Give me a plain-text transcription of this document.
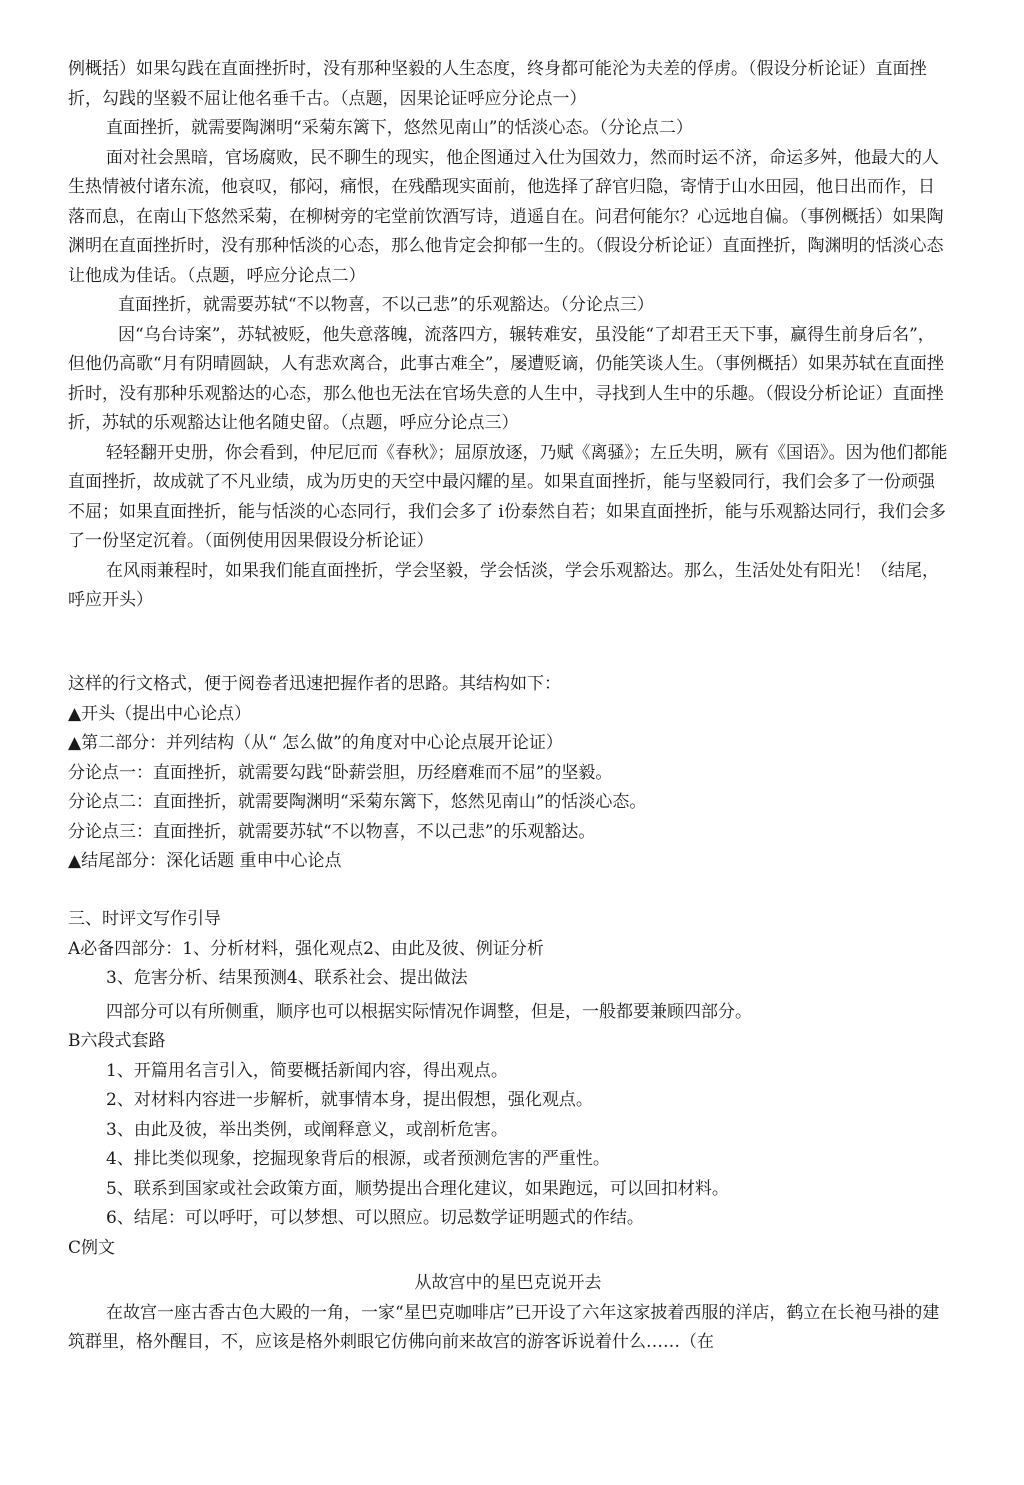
例概括）如果勾践在直面挫折时，没有那种坚毅的人生态度，终身都可能沦为夫差的俘虏。（假设分析论证）直面挫折，勾践的坚毅不屈让他名垂千古。（点题，因果论证呼应分论点一）

直面挫折，就需要陶渊明“采菊东篱下，悠然见南山”的恬淡心态。（分论点二）

面对社会黑暗，官场腐败，民不聊生的现实，他企图通过入仕为国效力，然而时运不济，命运多舛，他最大的人生热情被付诸东流，他哀叹，郁闷，痛恨，在残酷现实面前，他选择了辞官归隐，寄情于山水田园，他日出而作，日落而息，在南山下悠然采菊，在柳树旁的宅堂前饮酒写诗，逍遥自在。问君何能尔？心远地自偏。（事例概括）如果陶渊明在直面挫折时，没有那种恬淡的心态，那么他肯定会抑郁一生的。（假设分析论证）直面挫折，陶渊明的恬淡心态让他成为佳话。（点题，呼应分论点二）

直面挫折，就需要苏轼“不以物喜，不以己悲”的乐观豁达。（分论点三）

因“乌台诗案”，苏轼被贬，他失意落魄，流落四方，辗转难安，虽没能“了却君王天下事，赢得生前身后名”，但他仍高歌“月有阴晴圆缺，人有悲欢离合，此事古难全”，屡遭贬谪，仍能笑谈人生。（事例概括）如果苏轼在直面挫折时，没有那种乐观豁达的心态，那么他也无法在官场失意的人生中，寻找到人生中的乐趣。（假设分析论证）直面挫折，苏轼的乐观豁达让他名随史留。（点题，呼应分论点三）

轻轻翻开史册，你会看到，仲尼厄而《春秋》；屈原放逐，乃赋《离骚》；左丘失明，厥有《国语》。因为他们都能直面挫折，故成就了不凡业绩，成为历史的天空中最闪耀的星。如果直面挫折，能与坚毅同行，我们会多了一份顽强不屈；如果直面挫折，能与恬淡的心态同行，我们会多了 i份泰然自若；如果直面挫折，能与乐观豁达同行，我们会多了一份坚定沉着。（面例使用因果假设分析论证）

在风雨兼程时，如果我们能直面挫折，学会坚毅，学会恬淡，学会乐观豁达。那么，生活处处有阳光！（结尾，呼应开头）

这样的行文格式，便于阅卷者迅速把握作者的思路。其结构如下：

▲开头（提出中心论点）

▲第二部分：并列结构（从“ 怎么做”的角度对中心论点展开论证）

分论点一：直面挫折，就需要勾践“卧薪尝胆，历经磨难而不屈”的坚毅。

分论点二：直面挫折，就需要陶渊明“采菊东篱下，悠然见南山”的恬淡心态。

分论点三：直面挫折，就需要苏轼“不以物喜，不以己悲”的乐观豁达。

▲结尾部分：深化话题 重申中心论点

三、时评文写作引导

A必备四部分：1、分析材料，强化观点2、由此及彼、例证分析

3、危害分析、结果预测4、联系社会、提出做法

四部分可以有所侧重，顺序也可以根据实际情况作调整，但是，一般都要兼顾四部分。

B六段式套路

1、开篇用名言引入，简要概括新闻内容，得出观点。

2、对材料内容进一步解析，就事情本身，提出假想，强化观点。

3、由此及彼，举出类例，或阐释意义，或剖析危害。

4、排比类似现象，挖掘现象背后的根源，或者预测危害的严重性。

5、联系到国家或社会政策方面，顺势提出合理化建议，如果跑远，可以回扣材料。

6、结尾：可以呼吁，可以梦想、可以照应。切忌数学证明题式的作结。

C例文

从故宫中的星巴克说开去

在故宫一座古香古色大殿的一角，一家“星巴克咖啡店”已开设了六年这家披着西服的洋店，鹤立在长袍马褂的建筑群里，格外醒目，不，应该是格外刺眼它仿佛向前来故宫的游客诉说着什么……（在
